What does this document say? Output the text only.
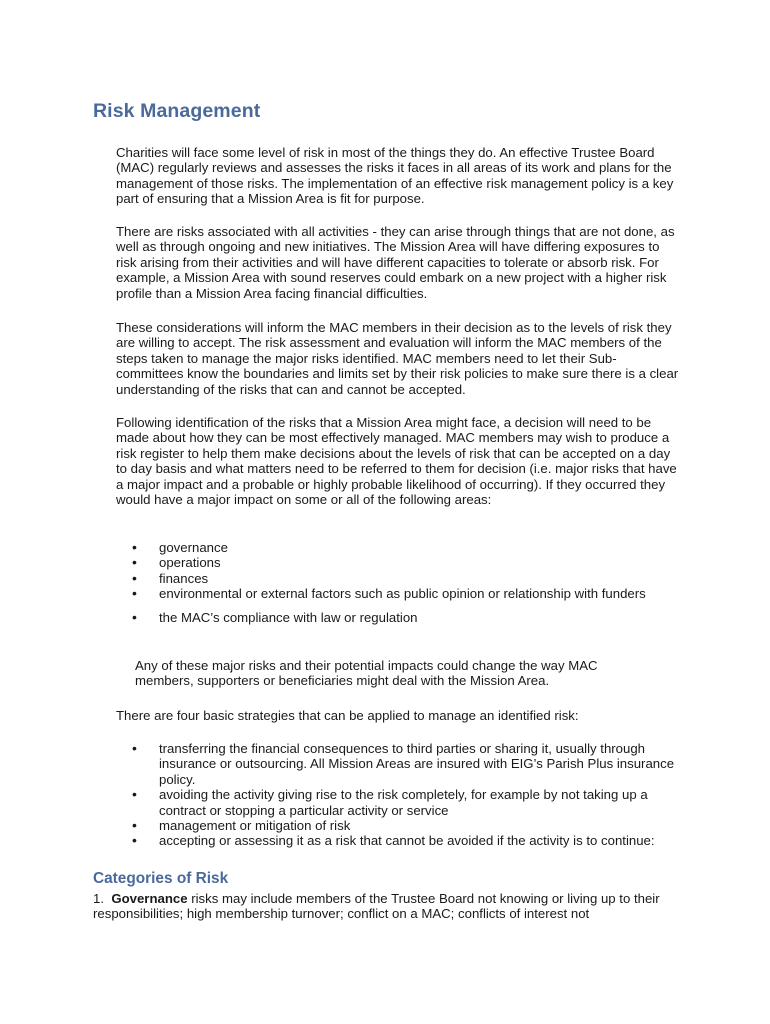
Risk Management

Charities will face some level of risk in most of the things they do. An effective Trustee Board (MAC) regularly reviews and assesses the risks it faces in all areas of its work and plans for the management of those risks. The implementation of an effective risk management policy is a key part of ensuring that a Mission Area is fit for purpose.

There are risks associated with all activities - they can arise through things that are not done, as well as through ongoing and new initiatives. The Mission Area will have differing exposures to risk arising from their activities and will have different capacities to tolerate or absorb risk. For example, a Mission Area with sound reserves could embark on a new project with a higher risk profile than a Mission Area facing financial difficulties.

These considerations will inform the MAC members in their decision as to the levels of risk they are willing to accept. The risk assessment and evaluation will inform the MAC members of the steps taken to manage the major risks identified. MAC members need to let their Sub-committees know the boundaries and limits set by their risk policies to make sure there is a clear understanding of the risks that can and cannot be accepted.

Following identification of the risks that a Mission Area might face, a decision will need to be made about how they can be most effectively managed. MAC members may wish to produce a risk register to help them make decisions about the levels of risk that can be accepted on a day to day basis and what matters need to be referred to them for decision (i.e. major risks that have a major impact and a probable or highly probable likelihood of occurring). If they occurred they would have a major impact on some or all of the following areas:

• governance
• operations
• finances
• environmental or external factors such as public opinion or relationship with funders
• the MAC’s compliance with law or regulation

Any of these major risks and their potential impacts could change the way MAC members, supporters or beneficiaries might deal with the Mission Area.

There are four basic strategies that can be applied to manage an identified risk:

• transferring the financial consequences to third parties or sharing it, usually through insurance or outsourcing. All Mission Areas are insured with EIG’s Parish Plus insurance policy.
• avoiding the activity giving rise to the risk completely, for example by not taking up a contract or stopping a particular activity or service
• management or mitigation of risk
• accepting or assessing it as a risk that cannot be avoided if the activity is to continue:
Categories of Risk

1. Governance risks may include members of the Trustee Board not knowing or living up to their responsibilities; high membership turnover; conflict on a MAC; conflicts of interest not
